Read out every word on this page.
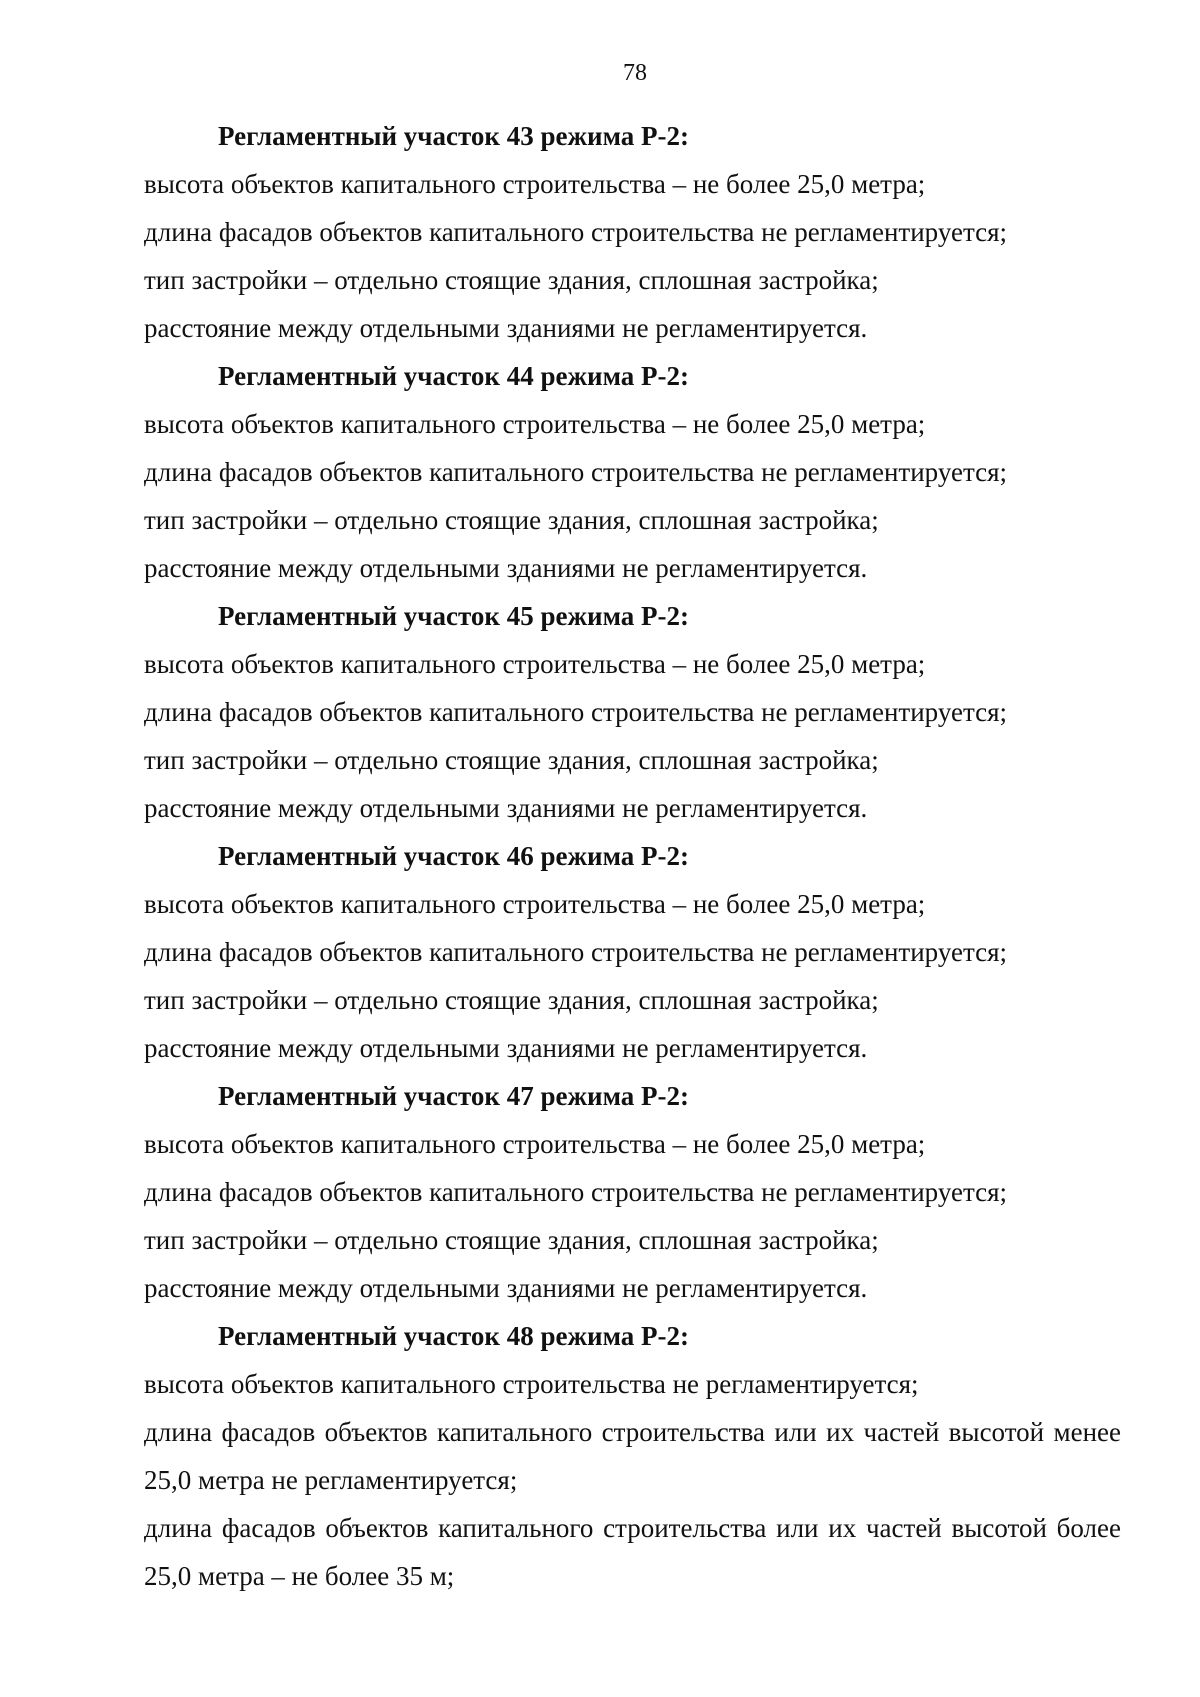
78

Регламентный участок 43 режима Р-2:

высота объектов капитального строительства – не более 25,0 метра;

длина фасадов объектов капитального строительства не регламентируется;

тип застройки – отдельно стоящие здания, сплошная застройка;

расстояние между отдельными зданиями не регламентируется.

Регламентный участок 44 режима Р-2:

высота объектов капитального строительства – не более 25,0 метра;

длина фасадов объектов капитального строительства не регламентируется;

тип застройки – отдельно стоящие здания, сплошная застройка;

расстояние между отдельными зданиями не регламентируется.

Регламентный участок 45 режима Р-2:

высота объектов капитального строительства – не более 25,0 метра;

длина фасадов объектов капитального строительства не регламентируется;

тип застройки – отдельно стоящие здания, сплошная застройка;

расстояние между отдельными зданиями не регламентируется.

Регламентный участок 46 режима Р-2:

высота объектов капитального строительства – не более 25,0 метра;

длина фасадов объектов капитального строительства не регламентируется;

тип застройки – отдельно стоящие здания, сплошная застройка;

расстояние между отдельными зданиями не регламентируется.

Регламентный участок 47 режима Р-2:

высота объектов капитального строительства – не более 25,0 метра;

длина фасадов объектов капитального строительства не регламентируется;

тип застройки – отдельно стоящие здания, сплошная застройка;

расстояние между отдельными зданиями не регламентируется.

Регламентный участок 48 режима Р-2:

высота объектов капитального строительства не регламентируется;

длина фасадов объектов капитального строительства или их частей высотой менее 25,0 метра не регламентируется;

длина фасадов объектов капитального строительства или их частей высотой более 25,0 метра – не более 35 м;
